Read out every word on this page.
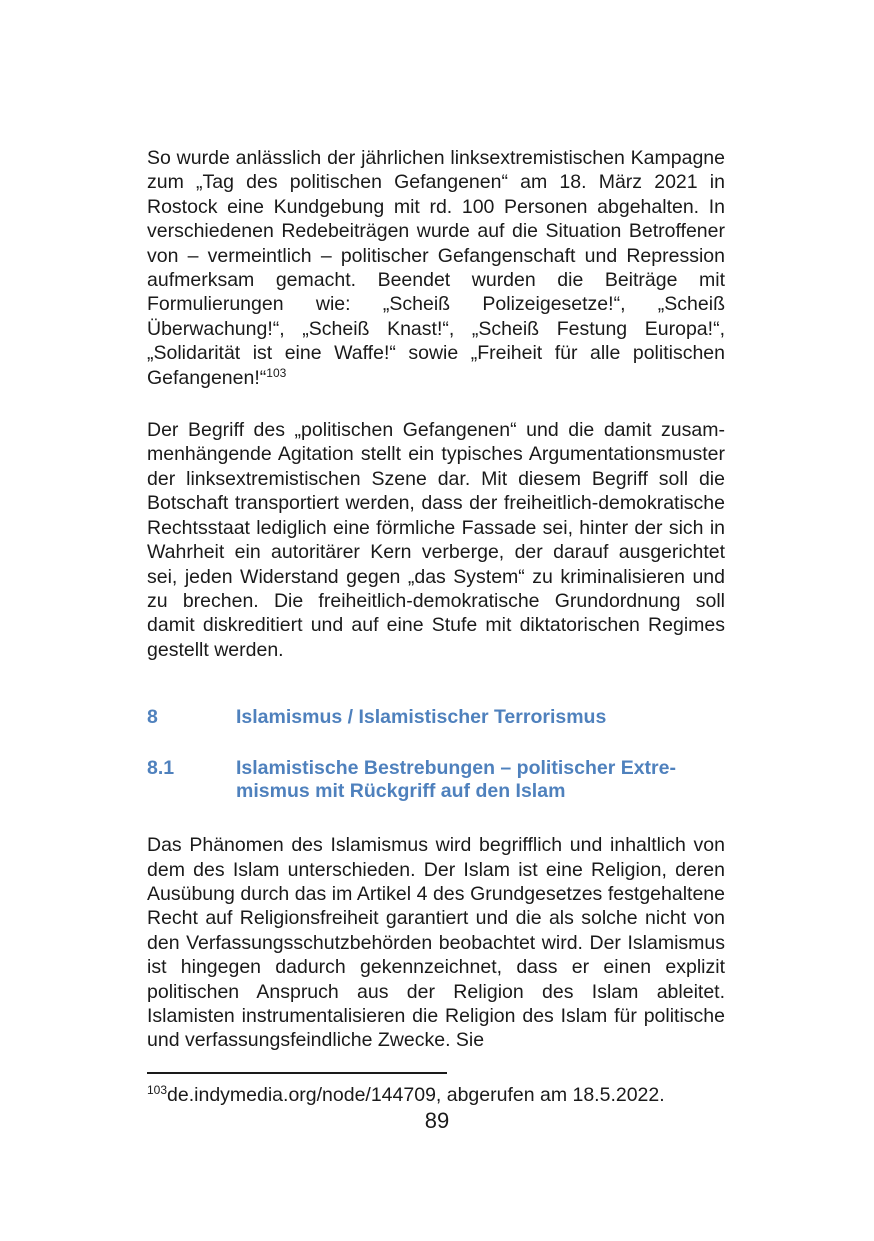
So wurde anlässlich der jährlichen linksextremistischen Kampagne zum „Tag des politischen Gefangenen“ am 18. März 2021 in Rostock eine Kundgebung mit rd. 100 Personen abgehalten. In verschiedenen Redebeiträgen wurde auf die Situation Betroffener von – vermeintlich – politischer Gefangenschaft und Repression aufmerksam gemacht. Beendet wurden die Beiträge mit Formulierungen wie: „Scheiß Polizeigesetze!“, „Scheiß Überwachung!“, „Scheiß Knast!“, „Scheiß Festung Europa!“, „Solidarität ist eine Waffe!“ sowie „Freiheit für alle politischen Gefangenen!“$^{103}$

Der Begriff des „politischen Gefangenen“ und die damit zusammenhängende Agitation stellt ein typisches Argumentationsmuster der linksextremistischen Szene dar. Mit diesem Begriff soll die Botschaft transportiert werden, dass der freiheitlich-demokratische Rechtsstaat lediglich eine förmliche Fassade sei, hinter der sich in Wahrheit ein autoritärer Kern verberge, der darauf ausgerichtet sei, jeden Widerstand gegen „das System“ zu kriminalisieren und zu brechen. Die freiheitlich-demokratische Grundordnung soll damit diskreditiert und auf eine Stufe mit diktatorischen Regimes gestellt werden.

8	Islamismus / Islamistischer Terrorismus
8.1	Islamistische Bestrebungen – politischer Extremismus mit Rückgriff auf den Islam

Das Phänomen des Islamismus wird begrifflich und inhaltlich von dem des Islam unterschieden. Der Islam ist eine Religion, deren Ausübung durch das im Artikel 4 des Grundgesetzes festgehaltene Recht auf Religionsfreiheit garantiert und die als solche nicht von den Verfassungsschutzbehörden beobachtet wird. Der Islamismus ist hingegen dadurch gekennzeichnet, dass er einen explizit politischen Anspruch aus der Religion des Islam ableitet. Islamisten instrumentalisieren die Religion des Islam für politische und verfassungsfeindliche Zwecke. Sie

$^{103}$de.indymedia.org/node/144709, abgerufen am 18.5.2022.
89
